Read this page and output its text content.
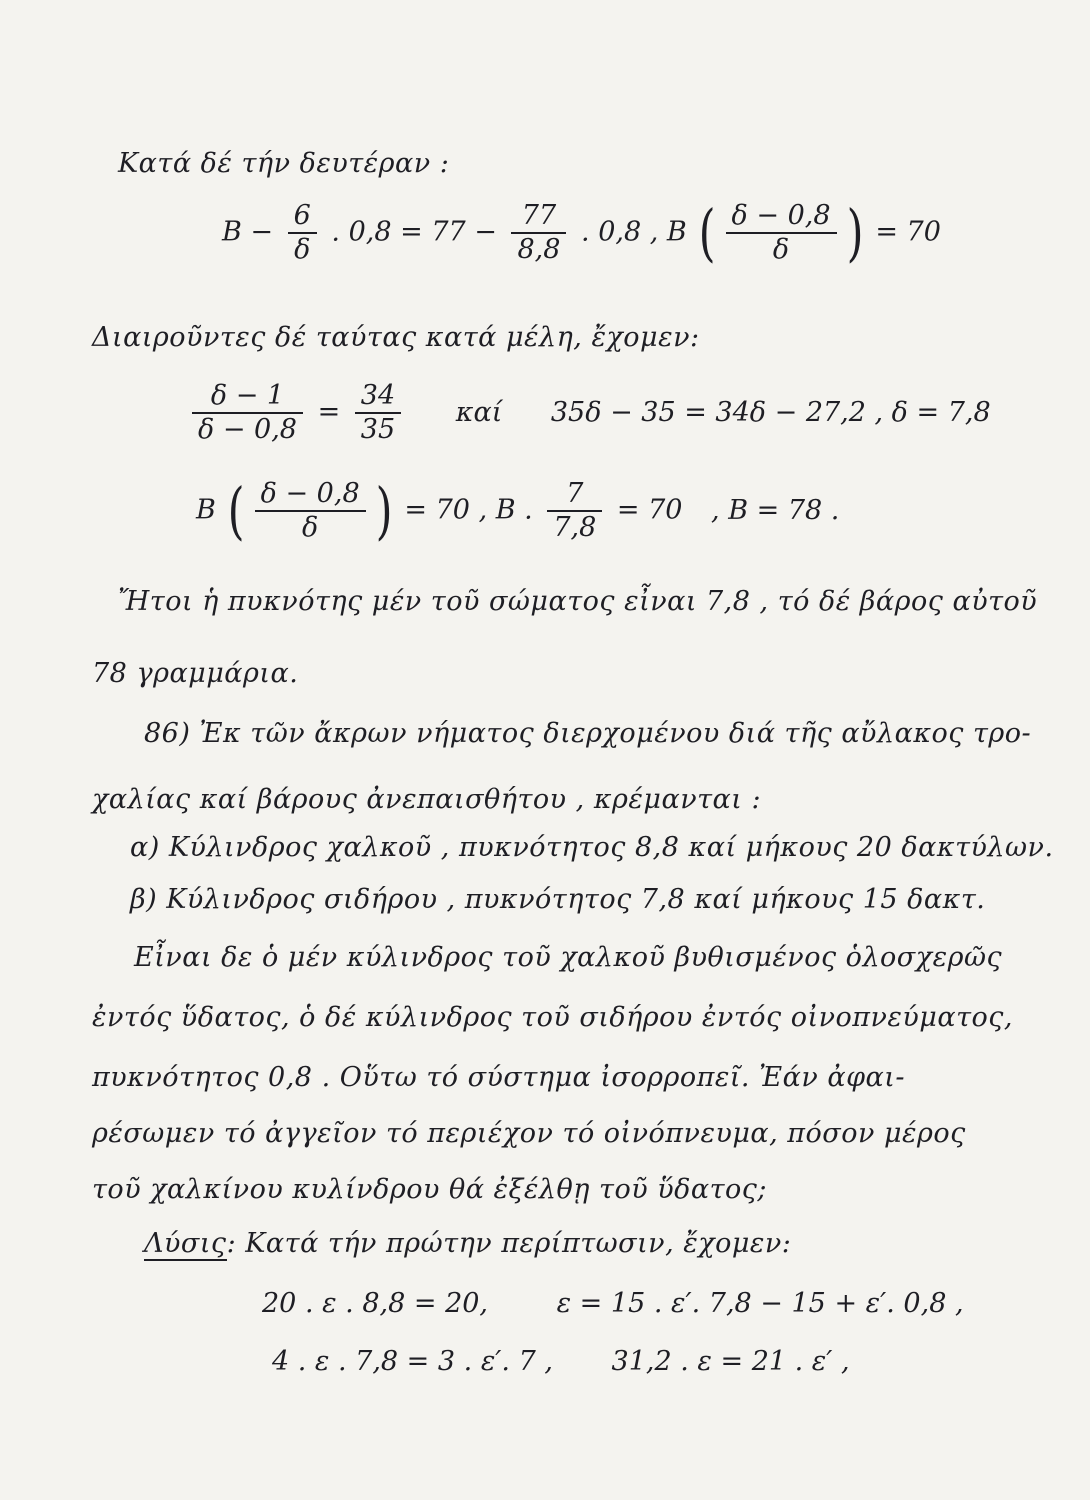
Κατά δέ τήν δευτέραν :
$B - \frac{6}{\delta}$ . $0,8 = 77 - \frac{77}{8,8}$ . 0,8 , B ( $\frac{\delta - 0,8}{\delta}$ ) = 70
Διαιροῦντες δέ ταύτας κατά μέλη, ἔχομεν:
$\frac{\delta - 1}{\delta - 0,8} = \frac{34}{35}$ καί 35δ − 35 = 34δ − 27,2 , δ = 7,8
B ( $\frac{\delta - 0,8}{\delta}$ ) = 70 , B . $\frac{7}{7,8} = 70$ , B = 78 .
Ἤτοι ἡ πυκνότης μέν τοῦ σώματος εἶναι 7,8 , τό δέ βάρος αὐτοῦ
78 γραμμάρια.
86) Ἐκ τῶν ἄκρων νήματος διερχομένου διά τῆς αὔλακος τρο-
χαλίας καί βάρους ἀνεπαισθήτου , κρέμανται :
α) Κύλινδρος χαλκοῦ , πυκνότητος 8,8 καί μήκους 20 δακτύλων.
β) Κύλινδρος σιδήρου , πυκνότητος 7,8 καί μήκους 15 δακτ.
Εἶναι δε ὁ μέν κύλινδρος τοῦ χαλκοῦ βυθισμένος ὁλοσχερῶς
ἐντός ὕδατος, ὁ δέ κύλινδρος τοῦ σιδήρου ἐντός οἰνοπνεύματος,
πυκνότητος 0,8 . Οὕτω τό σύστημα ἰσορροπεῖ. Ἐάν ἀφαι-
ρέσωμεν τό ἀγγεῖον τό περιέχον τό οἰνόπνευμα, πόσον μέρος
τοῦ χαλκίνου κυλίνδρου θά ἐξέλθῃ τοῦ ὕδατος;
Λύσις: Κατά τήν πρώτην περίπτωσιν, ἔχομεν:
20 . ε . 8,8 = 20,	ε = 15 . ε′. 7,8 − 15 + ε′. 0,8 ,
4 . ε . 7,8 = 3 . ε′. 7 , 31,2 . ε = 21 . ε′ ,
